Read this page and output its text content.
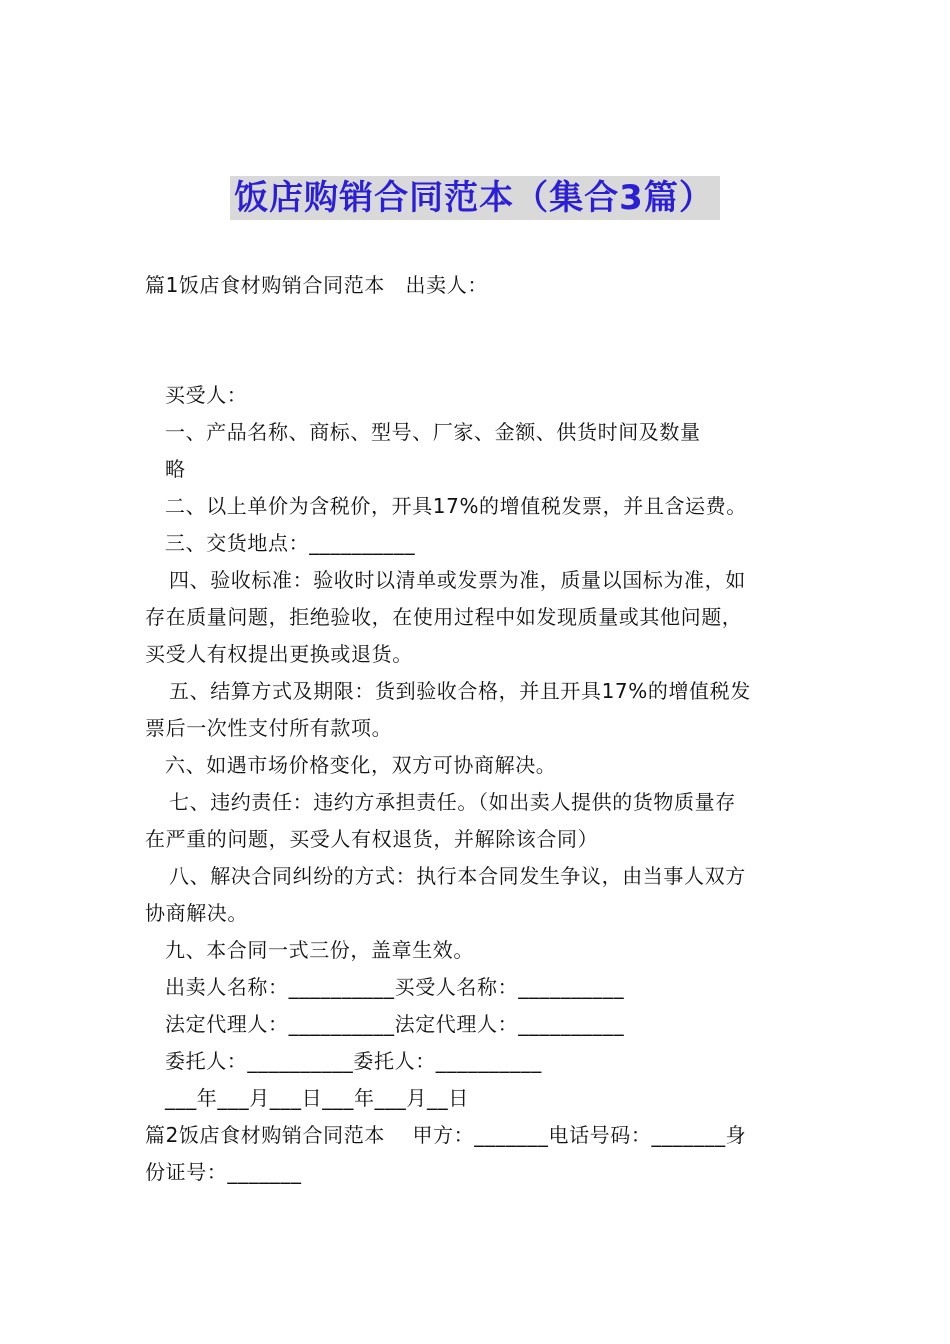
饭店购销合同范本（集合3篇）
篇1饭店食材购销合同范本　出卖人：
买受人：
一、产品名称、商标、型号、厂家、金额、供货时间及数量
略
二、以上单价为含税价，开具17%的增值税发票，并且含运费。
三、交货地点：__________
四、验收标准：验收时以清单或发票为准，质量以国标为准，如
存在质量问题，拒绝验收，在使用过程中如发现质量或其他问题，
买受人有权提出更换或退货。
五、结算方式及期限：货到验收合格，并且开具17%的增值税发
票后一次性支付所有款项。
六、如遇市场价格变化，双方可协商解决。
七、违约责任：违约方承担责任。（如出卖人提供的货物质量存
在严重的问题，买受人有权退货，并解除该合同）
八、解决合同纠纷的方式：执行本合同发生争议，由当事人双方
协商解决。
九、本合同一式三份，盖章生效。
出卖人名称：__________买受人名称：__________
法定代理人：__________法定代理人：__________
委托人：__________委托人：__________
___年___月___日___年___月__日
篇2饭店食材购销合同范本　 甲方：_______电话号码：_______身
份证号：_______
